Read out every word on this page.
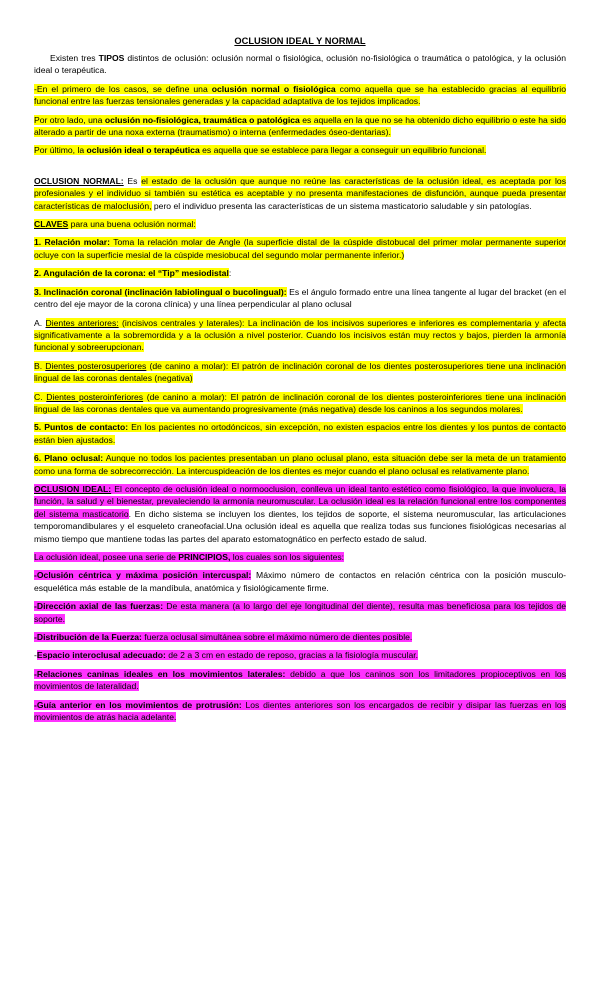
OCLUSION IDEAL Y NORMAL

Existen tres TIPOS distintos de oclusión: oclusión normal o fisiológica, oclusión no-fisiológica o traumática o patológica, y la oclusión ideal o terapéutica.

-En el primero de los casos, se define una oclusión normal o fisiológica como aquella que se ha establecido gracias al equilibrio funcional entre las fuerzas tensionales generadas y la capacidad adaptativa de los tejidos implicados.

Por otro lado, una oclusión no-fisiológica, traumática o patológica es aquella en la que no se ha obtenido dicho equilibrio o este ha sido alterado a partir de una noxa externa (traumatismo) o interna (enfermedades óseo-dentarias).

Por último, la oclusión ideal o terapéutica es aquella que se establece para llegar a conseguir un equilibrio funcional.

OCLUSION NORMAL: Es el estado de la oclusión que aunque no reúne las características de la oclusión ideal, es aceptada por los profesionales y el individuo si también su estética es aceptable y no presenta manifestaciones de disfunción, aunque pueda presentar características de maloclusión, pero el individuo presenta las características de un sistema masticatorio saludable y sin patologías.

CLAVES para una buena oclusión normal:

1. Relación molar: Toma la relación molar de Angle (la superficie distal de la cúspide distobucal del primer molar permanente superior ocluye con la superficie mesial de la cúspide mesiobucal del segundo molar permanente inferior.)

2. Angulación de la corona: el “Tip” mesiodistal:

3. Inclinación coronal (inclinación labiolingual o bucolingual): Es el ángulo formado entre una línea tangente al lugar del bracket (en el centro del eje mayor de la corona clínica) y una línea perpendicular al plano oclusal

A. Dientes anteriores: (incisivos centrales y laterales): La inclinación de los incisivos superiores e inferiores es complementaria y afecta significativamente a la sobremordida y a la oclusión a nivel posterior. Cuando los incisivos están muy rectos y bajos, pierden la armonía funcional y sobreerupcionan.

B. Dientes posterosuperiores (de canino a molar): El patrón de inclinación coronal de los dientes posterosuperiores tiene una inclinación lingual de las coronas dentales (negativa)

C. Dientes posteroinferiores (de canino a molar): El patrón de inclinación coronal de los dientes posteroinferiores tiene una inclinación lingual de las coronas dentales que va aumentando progresivamente (más negativa) desde los caninos a los segundos molares.

5. Puntos de contacto: En los pacientes no ortodóncicos, sin excepción, no existen espacios entre los dientes y los puntos de contacto están bien ajustados.

6. Plano oclusal: Aunque no todos los pacientes presentaban un plano oclusal plano, esta situación debe ser la meta de un tratamiento como una forma de sobrecorrección. La intercuspideación de los dientes es mejor cuando el plano oclusal es relativamente plano.

OCLUSION IDEAL: El concepto de oclusión ideal o normooclusion, conlleva un ideal tanto estético como fisiológico, la que involucra, la función, la salud y el bienestar, prevaleciendo la armonía neuromuscular. La oclusión ideal es la relación funcional entre los componentes del sistema masticatorio. En dicho sistema se incluyen los dientes, los tejidos de soporte, el sistema neuromuscular, las articulaciones temporomandibulares y el esqueleto craneofacial.Una oclusión ideal es aquella que realiza todas sus funciones fisiológicas necesarias al mismo tiempo que mantiene todas las partes del aparato estomatognático en perfecto estado de salud.

La oclusión ideal, posee una serie de PRINCIPIOS, los cuales son los siguientes:

-Oclusión céntrica y máxima posición intercuspal: Máximo número de contactos en relación céntrica con la posición musculo-esquelética más estable de la mandíbula, anatómica y fisiológicamente firme.

-Dirección axial de las fuerzas: De esta manera (a lo largo del eje longitudinal del diente), resulta mas beneficiosa para los tejidos de soporte.

-Distribución de la Fuerza: fuerza oclusal simultánea sobre el máximo número de dientes posible.

-Espacio interoclusal adecuado: de 2 a 3 cm en estado de reposo, gracias a la fisiología muscular.

-Relaciones caninas ideales en los movimientos laterales: debido a que los caninos son los limitadores propioceptivos en los movimientos de lateralidad.

-Guía anterior en los movimientos de protrusión: Los dientes anteriores son los encargados de recibir y disipar las fuerzas en los movimientos de atrás hacia adelante.
